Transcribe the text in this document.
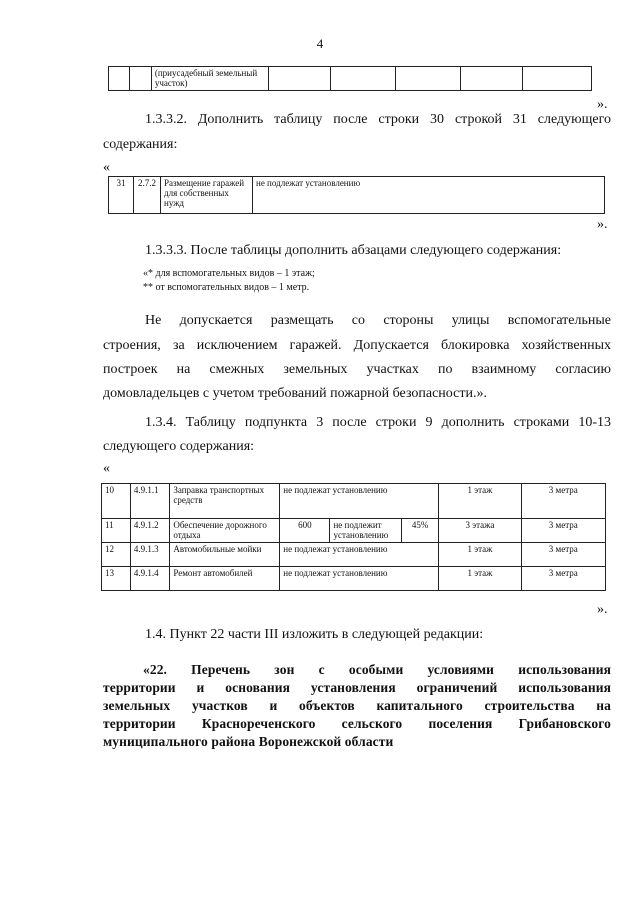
4
		(приусадебный земельный участок)					
».
1.3.3.2. Дополнить таблицу после строки 30 строкой 31 следующего
содержания:
«
31	2.7.2	Размещение гаражей для собственных нужд	не подлежат установлению
».
1.3.3.3. После таблицы дополнить абзацами следующего содержания:
«* для вспомогательных видов – 1 этаж;
** от вспомогательных видов – 1 метр.
Не допускается размещать со стороны улицы вспомогательные
строения, за исключением гаражей. Допускается блокировка хозяйственных
построек на смежных земельных участках по взаимному согласию
домовладельцев с учетом требований пожарной безопасности.».
1.3.4. Таблицу подпункта 3 после строки 9 дополнить строками 10-13
следующего содержания:
«
10	4.9.1.1	Заправка транспортных средств	не подлежат установлению			1 этаж	3 метра
11	4.9.1.2	Обеспечение дорожного отдыха	600	не подлежит установлению	45%	3 этажа	3 метра
12	4.9.1.3	Автомобильные мойки	не подлежат установлению			1 этаж	3 метра
13	4.9.1.4	Ремонт автомобилей	не подлежат установлению			1 этаж	3 метра
».
1.4. Пункт 22 части III изложить в следующей редакции:
«22. Перечень зон с особыми условиями использования
территории и основания установления ограничений использования
земельных участков и объектов капитального строительства на
территории Краснореченского сельского поселения Грибановского
муниципального района Воронежской области
